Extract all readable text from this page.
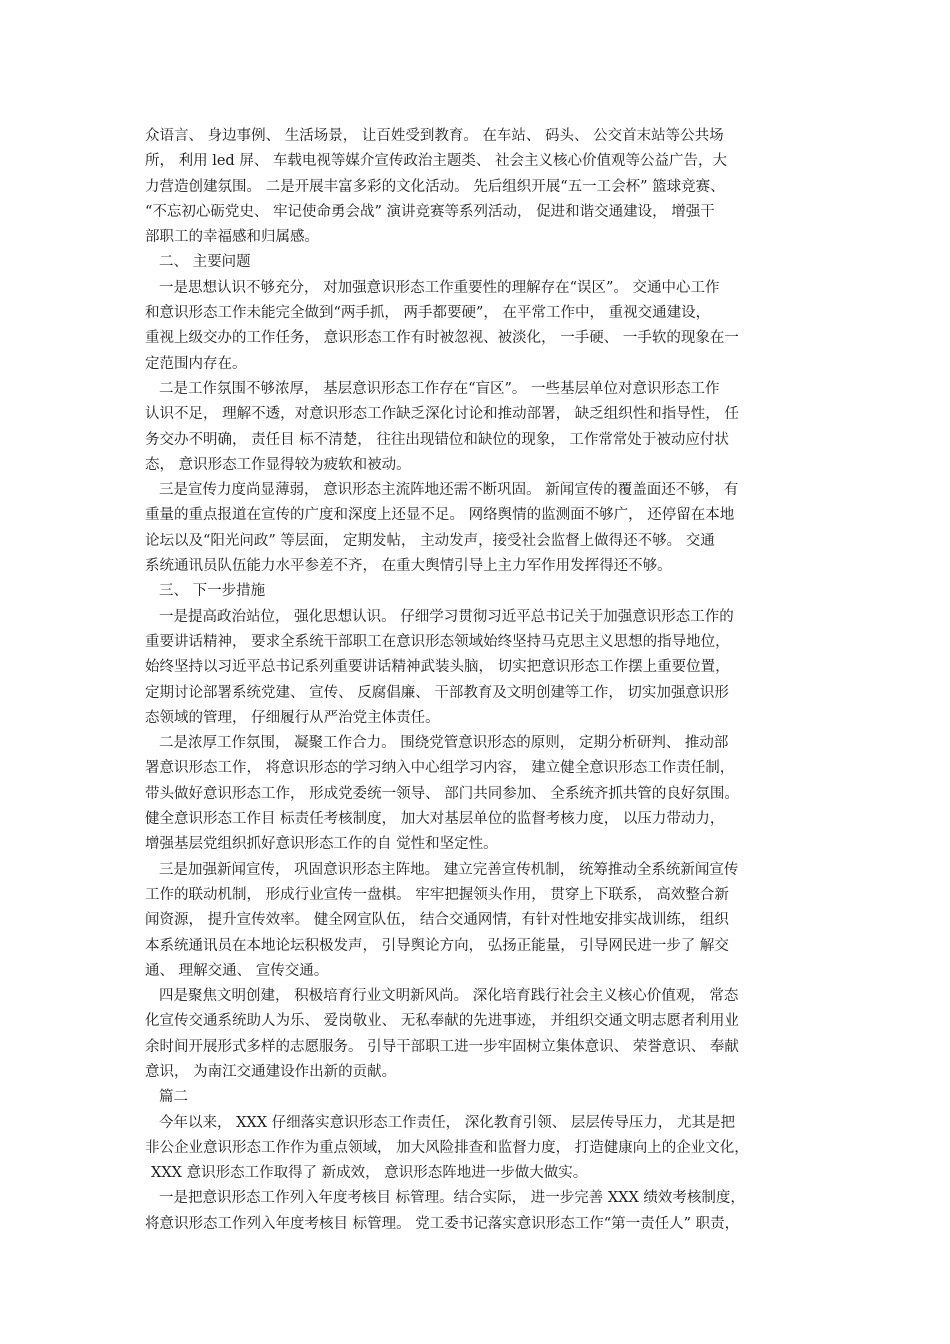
众语言、 身边事例、 生活场景， 让百姓受到教育。 在车站、 码头、 公交首末站等公共场
所， 利用 led 屏、 车载电视等媒介宣传政治主题类、 社会主义核心价值观等公益广告，大
力营造创建氛围。 二是开展丰富多彩的文化活动。 先后组织开展“五一工会杯” 篮球竞赛、
“不忘初心砺党史、 牢记使命勇会战” 演讲竞赛等系列活动， 促进和谐交通建设， 增强干
部职工的幸福感和归属感。
二、 主要问题
一是思想认识不够充分， 对加强意识形态工作重要性的理解存在“误区”。 交通中心工作
和意识形态工作未能完全做到“两手抓， 两手都要硬”， 在平常工作中， 重视交通建设，
重视上级交办的工作任务， 意识形态工作有时被忽视、被淡化， 一手硬、 一手软的现象在一
定范围内存在。
二是工作氛围不够浓厚， 基层意识形态工作存在“盲区”。 一些基层单位对意识形态工作
认识不足， 理解不透，对意识形态工作缺乏深化讨论和推动部署， 缺乏组织性和指导性， 任
务交办不明确， 责任目 标不清楚， 往往出现错位和缺位的现象， 工作常常处于被动应付状
态， 意识形态工作显得较为疲软和被动。
三是宣传力度尚显薄弱， 意识形态主流阵地还需不断巩固。 新闻宣传的覆盖面还不够， 有
重量的重点报道在宣传的广度和深度上还显不足。 网络舆情的监测面不够广， 还停留在本地
论坛以及“阳光问政” 等层面， 定期发帖， 主动发声，接受社会监督上做得还不够。 交通
系统通讯员队伍能力水平参差不齐， 在重大舆情引导上主力军作用发挥得还不够。
三、 下一步措施
一是提高政治站位， 强化思想认识。 仔细学习贯彻习近平总书记关于加强意识形态工作的
重要讲话精神， 要求全系统干部职工在意识形态领域始终坚持马克思主义思想的指导地位，
始终坚持以习近平总书记系列重要讲话精神武装头脑， 切实把意识形态工作摆上重要位置，
定期讨论部署系统党建、 宣传、 反腐倡廉、 干部教育及文明创建等工作， 切实加强意识形
态领域的管理， 仔细履行从严治党主体责任。
二是浓厚工作氛围， 凝聚工作合力。 围绕党管意识形态的原则， 定期分析研判、 推动部
署意识形态工作， 将意识形态的学习纳入中心组学习内容， 建立健全意识形态工作责任制，
带头做好意识形态工作， 形成党委统一领导、 部门共同参加、 全系统齐抓共管的良好氛围。
健全意识形态工作目 标责任考核制度， 加大对基层单位的监督考核力度， 以压力带动力，
增强基层党组织抓好意识形态工作的自 觉性和坚定性。
三是加强新闻宣传， 巩固意识形态主阵地。 建立完善宣传机制， 统筹推动全系统新闻宣传
工作的联动机制， 形成行业宣传一盘棋。 牢牢把握领头作用， 贯穿上下联系， 高效整合新
闻资源， 提升宣传效率。 健全网宣队伍， 结合交通网情，有针对性地安排实战训练， 组织
本系统通讯员在本地论坛积极发声， 引导舆论方向， 弘扬正能量， 引导网民进一步了 解交
通、 理解交通、 宣传交通。
四是聚焦文明创建， 积极培育行业文明新风尚。 深化培育践行社会主义核心价值观， 常态
化宣传交通系统助人为乐、 爱岗敬业、 无私奉献的先进事迹， 并组织交通文明志愿者利用业
余时间开展形式多样的志愿服务。 引导干部职工进一步牢固树立集体意识、 荣誉意识、 奉献
意识， 为南江交通建设作出新的贡献。
篇二
今年以来， XXX 仔细落实意识形态工作责任， 深化教育引领、 层层传导压力， 尤其是把
非公企业意识形态工作作为重点领域， 加大风险排查和监督力度， 打造健康向上的企业文化，
XXX 意识形态工作取得了 新成效， 意识形态阵地进一步做大做实。
一是把意识形态工作列入年度考核目 标管理。结合实际， 进一步完善 XXX 绩效考核制度，
将意识形态工作列入年度考核目 标管理。 党工委书记落实意识形态工作“第一责任人” 职责，
